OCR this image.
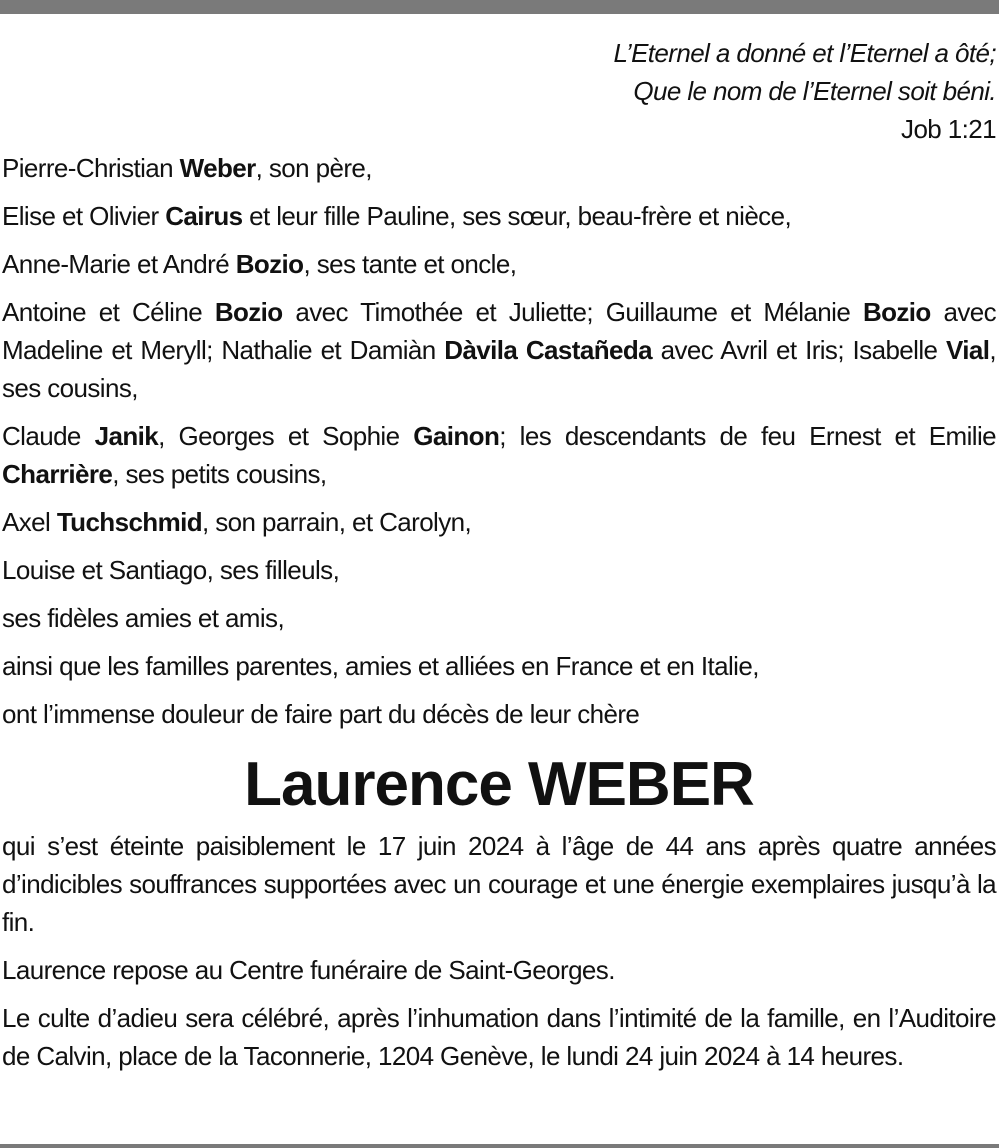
L’Eternel a donné et l’Eternel a ôté;
Que le nom de l’Eternel soit béni.
Job 1:21

Pierre-Christian Weber, son père,

Elise et Olivier Cairus et leur fille Pauline, ses sœur, beau-frère et nièce,

Anne-Marie et André Bozio, ses tante et oncle,

Antoine et Céline Bozio avec Timothée et Juliette; Guillaume et Mélanie Bozio avec Madeline et Meryll; Nathalie et Damiàn Dàvila Castañeda avec Avril et Iris; Isabelle Vial, ses cousins,

Claude Janik, Georges et Sophie Gainon; les descendants de feu Ernest et Emilie Charrière, ses petits cousins,

Axel Tuchschmid, son parrain, et Carolyn,

Louise et Santiago, ses filleuls,

ses fidèles amies et amis,

ainsi que les familles parentes, amies et alliées en France et en Italie,

ont l’immense douleur de faire part du décès de leur chère

Laurence WEBER

qui s’est éteinte paisiblement le 17 juin 2024 à l’âge de 44 ans après quatre années d’indicibles souffrances supportées avec un courage et une énergie exemplaires jusqu’à la fin.

Laurence repose au Centre funéraire de Saint-Georges.

Le culte d’adieu sera célébré, après l’inhumation dans l’intimité de la famille, en l’Auditoire de Calvin, place de la Taconnerie, 1204 Genève, le lundi 24 juin 2024 à 14 heures.
